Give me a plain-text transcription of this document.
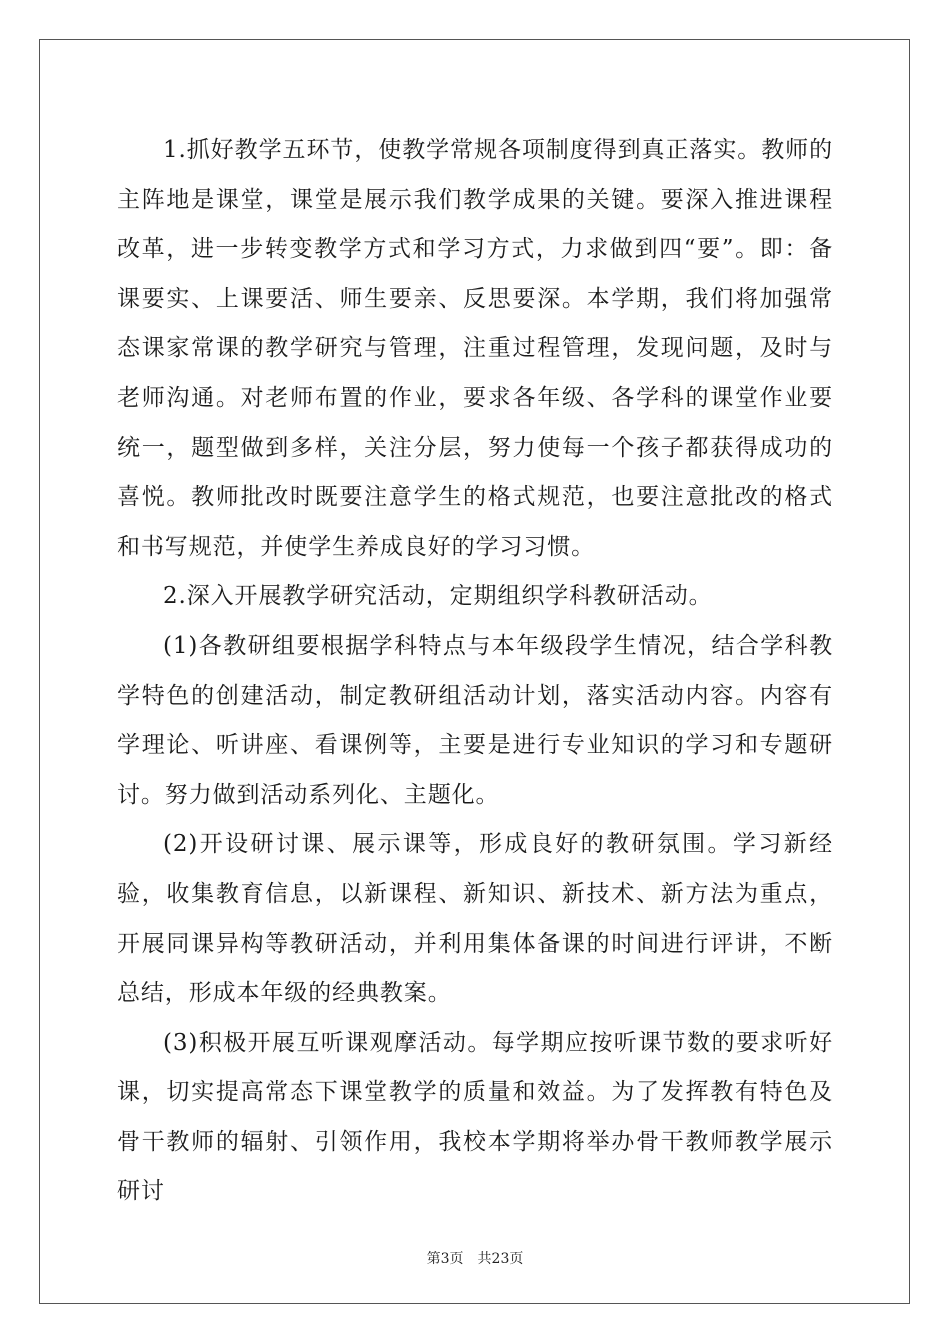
1.抓好教学五环节，使教学常规各项制度得到真正落实。教师的主阵地是课堂，课堂是展示我们教学成果的关键。要深入推进课程改革，进一步转变教学方式和学习方式，力求做到四“要”。即：备课要实、上课要活、师生要亲、反思要深。本学期，我们将加强常态课家常课的教学研究与管理，注重过程管理，发现问题，及时与老师沟通。对老师布置的作业，要求各年级、各学科的课堂作业要统一，题型做到多样，关注分层，努力使每一个孩子都获得成功的喜悦。教师批改时既要注意学生的格式规范，也要注意批改的格式和书写规范，并使学生养成良好的学习习惯。

2.深入开展教学研究活动，定期组织学科教研活动。

(1)各教研组要根据学科特点与本年级段学生情况，结合学科教学特色的创建活动，制定教研组活动计划，落实活动内容。内容有学理论、听讲座、看课例等，主要是进行专业知识的学习和专题研讨。努力做到活动系列化、主题化。

(2)开设研讨课、展示课等，形成良好的教研氛围。学习新经验，收集教育信息，以新课程、新知识、新技术、新方法为重点，开展同课异构等教研活动，并利用集体备课的时间进行评讲，不断总结，形成本年级的经典教案。

(3)积极开展互听课观摩活动。每学期应按听课节数的要求听好课，切实提高常态下课堂教学的质量和效益。为了发挥教有特色及骨干教师的辐射、引领作用，我校本学期将举办骨干教师教学展示研讨

第3页 共23页
